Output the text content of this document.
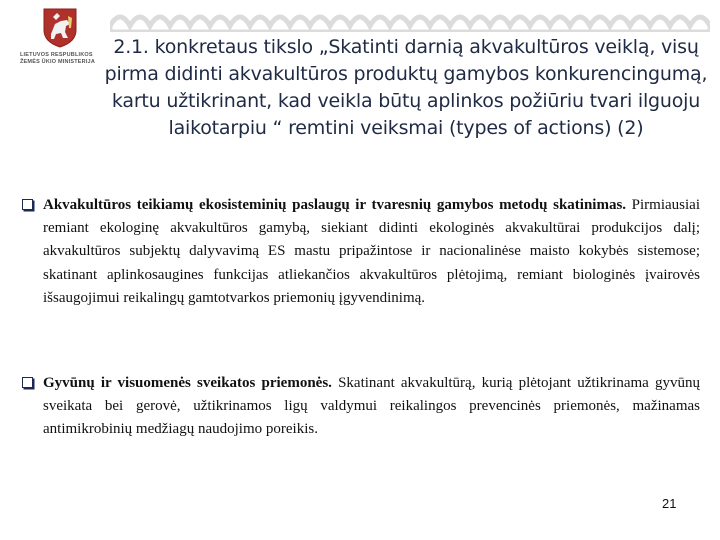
LIETUVOS RESPUBLIKOS
ŽEMĖS ŪKIO MINISTERIJA
2.1. konkretaus tikslo „Skatinti darnią akvakultūros veiklą, visų pirma didinti akvakultūros produktų gamybos konkurencingumą, kartu užtikrinant, kad veikla būtų aplinkos požiūriu tvari ilguoju laikotarpiu “ remtini veiksmai (types of actions) (2)
Akvakultūros teikiamų ekosisteminių paslaugų ir tvaresnių gamybos metodų skatinimas. Pirmiausiai remiant ekologinę akvakultūros gamybą, siekiant didinti ekologinės akvakultūrai produkcijos dalį; akvakultūros subjektų dalyvavimą ES mastu pripažintose ir nacionalinėse maisto kokybės sistemose; skatinant aplinkosaugines funkcijas atliekančios akvakultūros plėtojimą, remiant biologinės įvairovės išsaugojimui reikalingų gamtotvarkos priemonių įgyvendinimą.
Gyvūnų ir visuomenės sveikatos priemonės. Skatinant akvakultūrą, kurią plėtojant užtikrinama gyvūnų sveikata bei gerovė, užtikrinamos ligų valdymui reikalingos prevencinės priemonės, mažinamas antimikrobinių medžiagų naudojimo poreikis.
21
